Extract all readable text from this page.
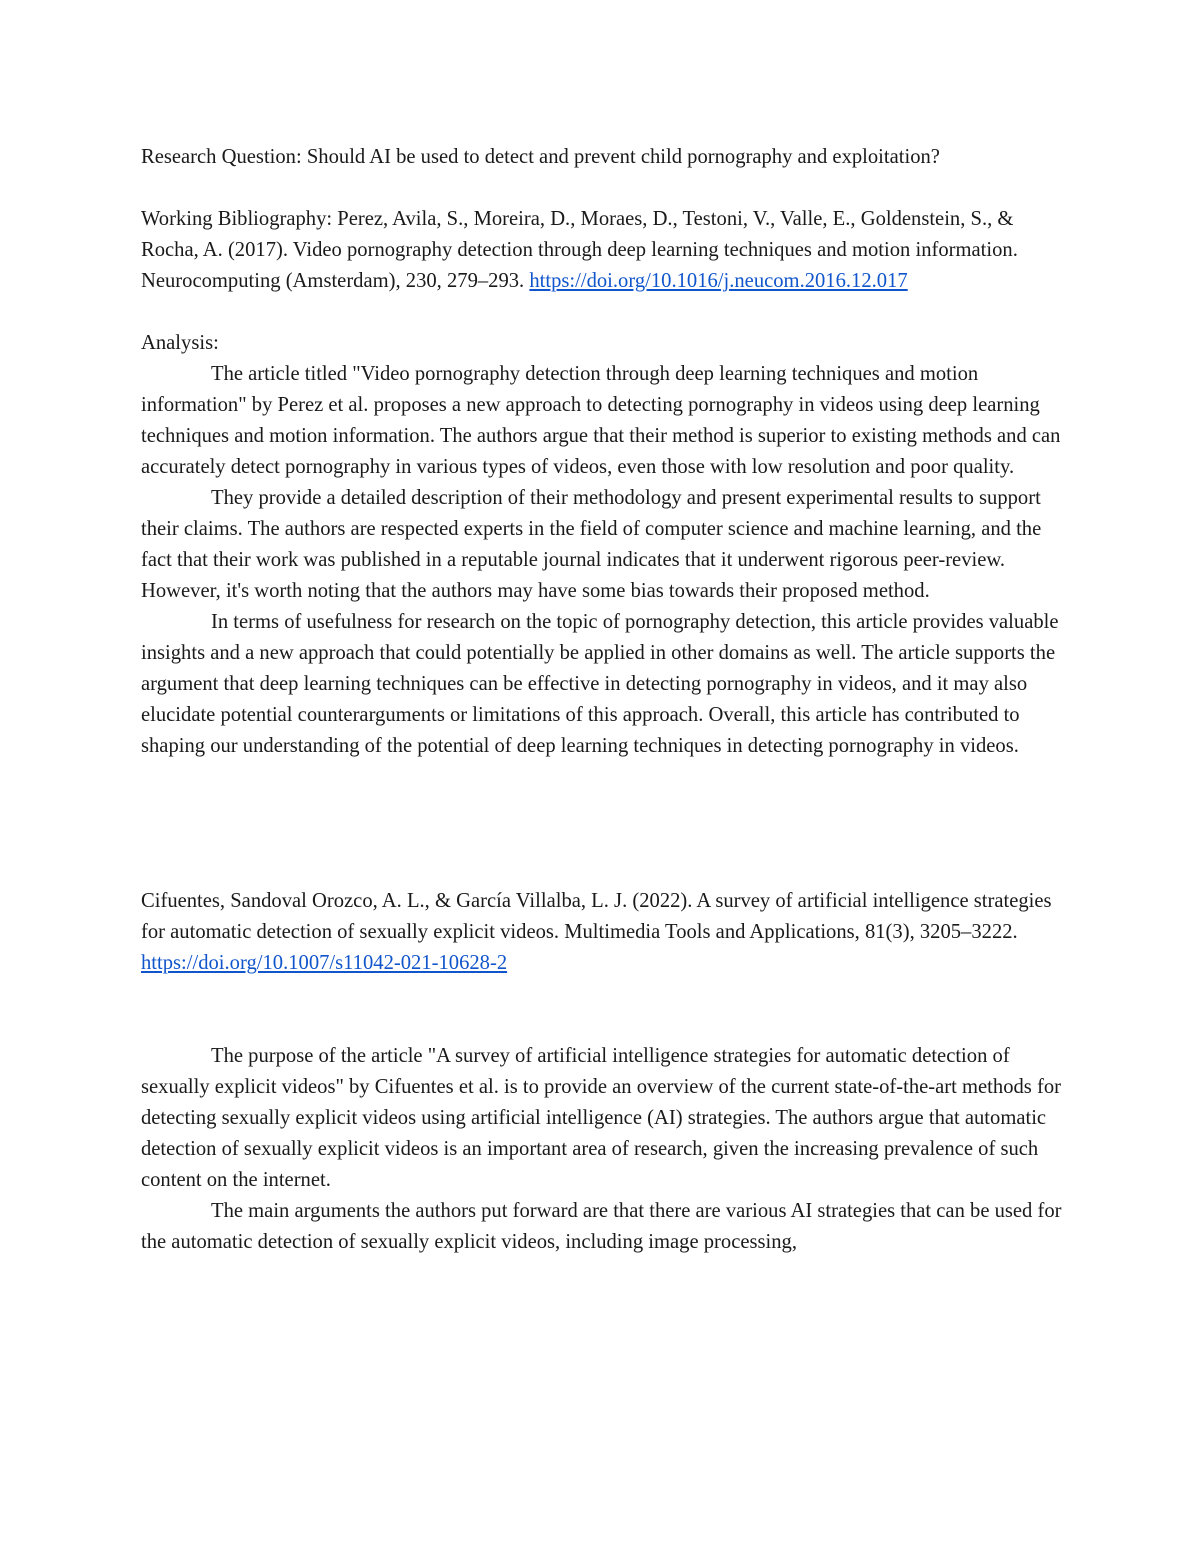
Research Question: Should AI be used to detect and prevent child pornography and exploitation?

Working Bibliography: Perez, Avila, S., Moreira, D., Moraes, D., Testoni, V., Valle, E., Goldenstein, S., & Rocha, A. (2017). Video pornography detection through deep learning techniques and motion information. Neurocomputing (Amsterdam), 230, 279–293. https://doi.org/10.1016/j.neucom.2016.12.017

Analysis:

The article titled "Video pornography detection through deep learning techniques and motion information" by Perez et al. proposes a new approach to detecting pornography in videos using deep learning techniques and motion information. The authors argue that their method is superior to existing methods and can accurately detect pornography in various types of videos, even those with low resolution and poor quality.

They provide a detailed description of their methodology and present experimental results to support their claims. The authors are respected experts in the field of computer science and machine learning, and the fact that their work was published in a reputable journal indicates that it underwent rigorous peer-review. However, it's worth noting that the authors may have some bias towards their proposed method.

In terms of usefulness for research on the topic of pornography detection, this article provides valuable insights and a new approach that could potentially be applied in other domains as well. The article supports the argument that deep learning techniques can be effective in detecting pornography in videos, and it may also elucidate potential counterarguments or limitations of this approach. Overall, this article has contributed to shaping our understanding of the potential of deep learning techniques in detecting pornography in videos.

Cifuentes, Sandoval Orozco, A. L., & García Villalba, L. J. (2022). A survey of artificial intelligence strategies for automatic detection of sexually explicit videos. Multimedia Tools and Applications, 81(3), 3205–3222. https://doi.org/10.1007/s11042-021-10628-2

The purpose of the article "A survey of artificial intelligence strategies for automatic detection of sexually explicit videos" by Cifuentes et al. is to provide an overview of the current state-of-the-art methods for detecting sexually explicit videos using artificial intelligence (AI) strategies. The authors argue that automatic detection of sexually explicit videos is an important area of research, given the increasing prevalence of such content on the internet.

The main arguments the authors put forward are that there are various AI strategies that can be used for the automatic detection of sexually explicit videos, including image processing,
